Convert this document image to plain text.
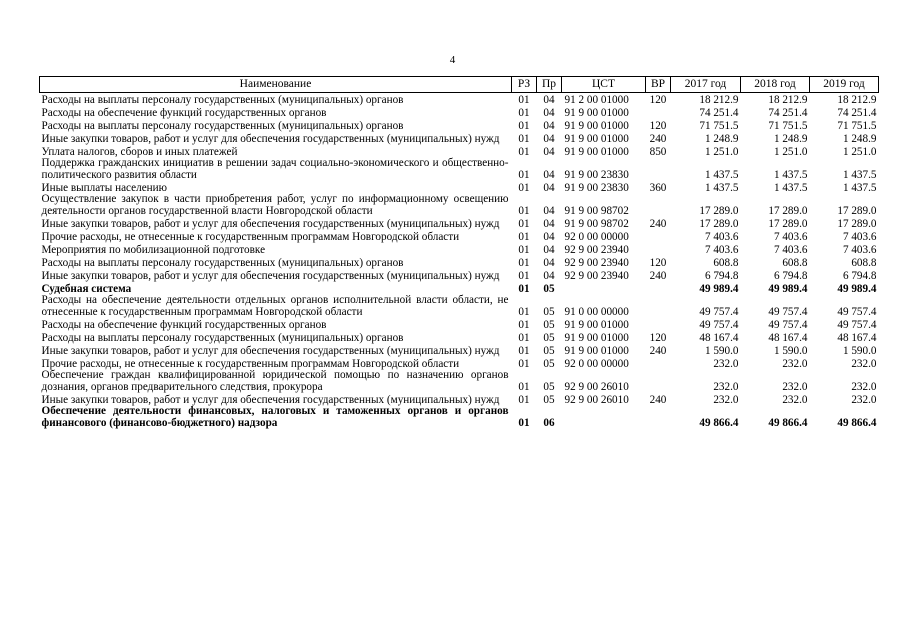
4
Наименование	РЗ	Пр	ЦСТ	ВР	2017 год	2018 год	2019 год
Расходы на выплаты персоналу государственных (муниципальных) органов	01	04	91 2 00 01000	120	18 212.9	18 212.9	18 212.9
Расходы на обеспечение функций государственных органов	01	04	91 9 00 01000		74 251.4	74 251.4	74 251.4
Расходы на выплаты персоналу государственных (муниципальных) органов	01	04	91 9 00 01000	120	71 751.5	71 751.5	71 751.5
Иные закупки товаров, работ и услуг для обеспечения государственных (муниципальных) нужд	01	04	91 9 00 01000	240	1 248.9	1 248.9	1 248.9
Уплата налогов, сборов и иных платежей	01	04	91 9 00 01000	850	1 251.0	1 251.0	1 251.0
Поддержка гражданских инициатив в решении задач социально-экономического и общественно-политического развития области	01	04	91 9 00 23830		1 437.5	1 437.5	1 437.5
Иные выплаты населению	01	04	91 9 00 23830	360	1 437.5	1 437.5	1 437.5
Осуществление закупок в части приобретения работ, услуг по информационному освещению деятельности органов государственной власти Новгородской области	01	04	91 9 00 98702		17 289.0	17 289.0	17 289.0
Иные закупки товаров, работ и услуг для обеспечения государственных (муниципальных) нужд	01	04	91 9 00 98702	240	17 289.0	17 289.0	17 289.0
Прочие расходы, не отнесенные к государственным программам Новгородской области	01	04	92 0 00 00000		7 403.6	7 403.6	7 403.6
Мероприятия по мобилизационной подготовке	01	04	92 9 00 23940		7 403.6	7 403.6	7 403.6
Расходы на выплаты персоналу государственных (муниципальных) органов	01	04	92 9 00 23940	120	608.8	608.8	608.8
Иные закупки товаров, работ и услуг для обеспечения государственных (муниципальных) нужд	01	04	92 9 00 23940	240	6 794.8	6 794.8	6 794.8
Судебная система	01	05			49 989.4	49 989.4	49 989.4
Расходы на обеспечение деятельности отдельных органов исполнительной власти области, не отнесенные к государственным программам Новгородской области	01	05	91 0 00 00000		49 757.4	49 757.4	49 757.4
Расходы на обеспечение функций государственных органов	01	05	91 9 00 01000		49 757.4	49 757.4	49 757.4
Расходы на выплаты персоналу государственных (муниципальных) органов	01	05	91 9 00 01000	120	48 167.4	48 167.4	48 167.4
Иные закупки товаров, работ и услуг для обеспечения государственных (муниципальных) нужд	01	05	91 9 00 01000	240	1 590.0	1 590.0	1 590.0
Прочие расходы, не отнесенные к государственным программам Новгородской области	01	05	92 0 00 00000		232.0	232.0	232.0
Обеспечение граждан квалифицированной юридической помощью по назначению органов дознания, органов предварительного следствия, прокурора	01	05	92 9 00 26010		232.0	232.0	232.0
Иные закупки товаров, работ и услуг для обеспечения государственных (муниципальных) нужд	01	05	92 9 00 26010	240	232.0	232.0	232.0
Обеспечение деятельности финансовых, налоговых и таможенных органов и органов финансового (финансово-бюджетного) надзора	01	06			49 866.4	49 866.4	49 866.4
